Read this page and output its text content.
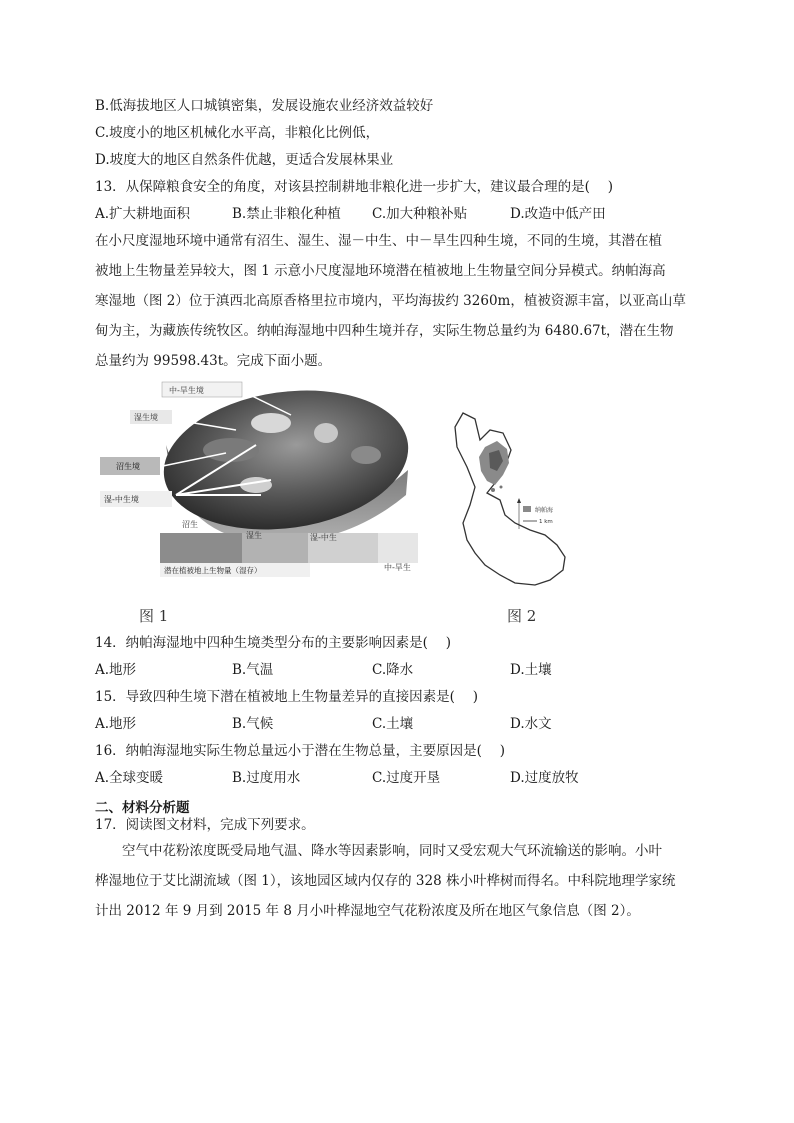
B.低海拔地区人口城镇密集，发展设施农业经济效益较好
C.坡度小的地区机械化水平高，非粮化比例低，
D.坡度大的地区自然条件优越，更适合发展林果业
13．从保障粮食安全的角度，对该县控制耕地非粮化进一步扩大，建议最合理的是(　 )
A.扩大耕地面积	B.禁止非粮化种植 C.加大种粮补贴	D.改造中低产田
在小尺度湿地环境中通常有沼生、湿生、湿－中生、中－旱生四种生境，不同的生境，其潜在植
被地上生物量差异较大，图 1 示意小尺度湿地环境潜在植被地上生物量空间分异模式。纳帕海高
寒湿地（图 2）位于滇西北高原香格里拉市境内，平均海拔约 3260m，植被资源丰富，以亚高山草
甸为主，为藏族传统牧区。纳帕海湿地中四种生境并存，实际生物总量约为 6480.67t，潜在生物
总量约为 99598.43t。完成下面小题。
中-旱生境
湿生境
沼生境
湿-中生境
沼生
湿生	湿-中生
中-旱生
潜在植被地上生物量（湿存）
纳帕海
1 km
图 1	图 2
14．纳帕海湿地中四种生境类型分布的主要影响因素是(　 )
A.地形	B.气温	C.降水	D.土壤
15．导致四种生境下潜在植被地上生物量差异的直接因素是(　 )
A.地形	B.气候	C.土壤	D.水文
16．纳帕海湿地实际生物总量远小于潜在生物总量，主要原因是(　 )
A.全球变暖	B.过度用水	C.过度开垦	D.过度放牧
二、材料分析题
17．阅读图文材料，完成下列要求。
空气中花粉浓度既受局地气温、降水等因素影响，同时又受宏观大气环流输送的影响。小叶
桦湿地位于艾比湖流域（图 1），该地园区域内仅存的 328 株小叶桦树而得名。中科院地理学家统
计出 2012 年 9 月到 2015 年 8 月小叶桦湿地空气花粉浓度及所在地区气象信息（图 2）。
